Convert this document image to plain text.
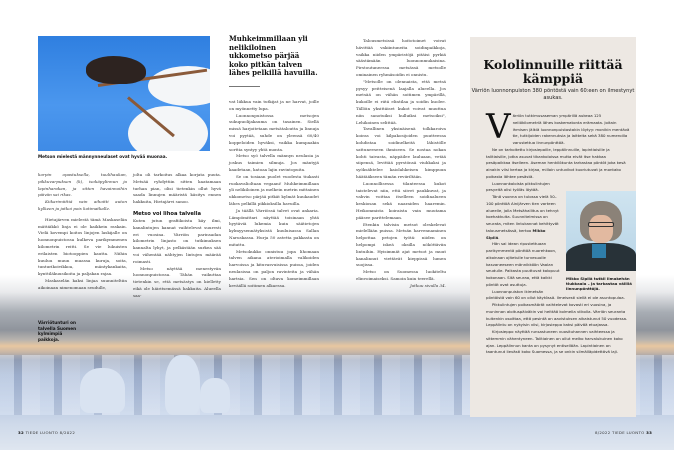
Metson mielestä männynneulaset ovat hyvää muonaa.
Muhkeimmillaan yli nelikiloinen ukkometso pärjää koko pitkän talven lähes pelkillä havuilla.

korpin opastuksella, tuulihaukan, pikkuvarpuksen (k), isokäpylinnun ja lapinharakan, ja sitten havainnoihin päivän sai rikas.

Kiikarimiittiä vain aihoitti auton kylkeen ja jatkoi pois kotimatkalle.

Hietajärven mielestä tämä Maskaselän mättäikkö linja ei ole kaikkein raskain. Vielä kovempi koitos linjojen laskijalle on luonnonpuistossa kulkeva parikymmenen kilometrin reitti. Se vie lukuisten erilaisten biotooppien kautta. Niihin kuuluu muun muassa kurujа, soita, tunturikoivikkoa, mäntykankaita, kynttiläkuusikoita ja paljakan rajaa.

Maskaselän kaksi linjaa suunniteltiin aikoinaan nimenomaan seudulle,

jolta oli tarkoitus alkaa korjata puuta. Metsää ryhdyttiin sitten kaatamaan turhan pian, olisi tietenkin ollut hyvä saada linnujen määristä käsitys ennen hakkuita, Hietajärvi sanoo.

Metso voi lihoa talvella

Kuten jutun grafiikoista käy ilmi, kanalintujen kannat vaihtelevat suuresti eri vuosina. Värriön parinsadan kilometrin linjasto on tutkimuksen kannalta lyhyt, ja pelkästään surkea sää voi vähentää nähtyjen lintujen määrää roimasti.

Metso näyttää menestyvän luonnonpuistossa. Tähän vaikuttaa tietenkin se, että metsästys on kielletty eikä ole häiritsemässä hakkuita. Alueella saa-

vat liikkua vain tutkijat ja ne harvat, joille on myönnetty lupa.

Luonnonpuistossa metsojen sukupuolijakauma on tasainen. Siellä missä harjoitetaan metsätaloutta ja linnuja voi pyytää, suhde on yleensä 60/40 koppeloiden hyväksi, vaikka kumpaakin sorttia syntyy yhtä monta.

Metso syö talvella männyn neulasia ja joskus taimien silmuja. Jos mäntyjä kaadetaan, katoaa lajin ravintopuita.

Se on tosiaan puolet vuodesta tiukasti ruokavalioltaan vegaani! Muhkeimmillaan yli nelikiloinen ja melkein metrin mittainen ukkometso pärjää pitkät kylmät kuukaudet lähes pelkillä pikkioksilla havuilla.

Ja täällä Värriössä talvet ovat ankaria. Lämpömittari näyttää toisinaan yhtä hyytäviä lukemia kuin säätietojen kylmyysennätyksistä kuuluisassa Sallan Naruskassa. Hurja 50 astetta pakkasta on mitattu.

Metsokukko onnistuu jopa lihomaan talven aikana aterioimalla valikoiden harvoissa ja kituvasvuisissa puissa, joiden neulasissa on paljon ravinteita ja vähän hartsia. Sen on oltava komeimmillaan keväällä soitimen alkaessa.

Talousmetsissä hoitotoimet voivat hävittää vakiintuneita soidinpaikkoja, vaikka niiden ympäristöjä pitäisi pyrkiä säästämään luonnonmukaisina. Pirstoutuneessa metsässä metsolle ominainen ryhmäsoidin ei onnistu.

"Metsolle on olennaista, että metsä pysyy peitteisenä laajalla alueella. Jos metsää on vähän soitimen ympärillä, kukoille ei riitä elintilaa ja soidin kuolee. Tällöin yksittäiset kukot voivat muuttua niin sanotuiksi hulluiksi metsoiksi", Lehikoinen selittää.

Tavallinen yksinäisenä tolkkaroiva koiras voi kilpakosijoiden puutteessa kohdistaa soidinelkeitä lähistölle sattuneeseen ihmiseen. Se nostaa nokan kohti taivasta, näppäilee lauluaan, vetää siipensä, levittää pyrstönsä viuhkaksi ja syöksähtelee kaiolahkeisen kimppuun häätääkseen tämän reviiriltään.

Luonnollisessa tilanteessa kukot taistelevat niin, että siivet paukkuvat, ja vahvin voittaa itselleen soidinalueen keskiosan sekä naaraiden haaremin. Heikommista koiraista vain muutama pääsee parittelemaan.

Etenkin talvisin metsot oleskelevat mielellään puissa. Metsän harvennaminen helpottaa petojen työtä: niiden on helpompi iskeä oksilla nököttäviin lintuihin. Hyisimmät ajat metsot ja muut kanalinnut viettävät kieppissä lumen suojissa.

Metso on Suomessa luokiteltu elinvoimaiseksi. Samoin kuin teerellä.

Jatkuu sivulla 34.

Värriötunturi on talvella Suomen kylmimpiä paikkoja.
Kololinnuille riittää kämppiä
Värriön luonnonpuiston 380 pöntöstä vain 60:een on ilmestynyt asukas.

Värriön tutkimusaseman ympärillä aukeaa 125 neliökilometriä lähes koskematonta erämaata. Joitain ihmisen jälkiä luonnonpuistostakin löytyy: monikin mentävä tie, tutkijoiden rakennuksia ja laitteita sekä 380 numeroilla varustettua linnunpönttöä.

Ne on tarkoitettu kirjosiepoille, leppälinnuille, lapintiaisille ja talitiaisille, jotka asuvat tikankoloissa mutta eivät itse hakkaa pesäpaikkaa itselleen. Aseman henkilökunta tarkastaa pöntöt joka kesä ainakin viisi kertaa ja kirjaa, milloin untuvikot kuoriutuvat ja montako poikasta lähtee pesästä.

Mikko Sipilä tutkii ilmakehän tiukkaala – ja tarkastaa välillä linnunpönttöjä.

Luonnonkoloista pikkulintujen pesyeitä olisi työläs löytää.

Tänä vuonna on tulossa vielä 50–100 pönttöä Ainijärven tien varteen alueelle, jolla Metsähallitus on tehnyt koehakkuita. Suunnitelmissa on seurata, miten lintukannat kehittyvät talousmetsässä, kertoo Mikko Sipilä.

Hän sai idean ripustettuaan parikymmentä pönttöä nuorehkoon, aikoinaan ojitetulle turvesuolle kasvaneeseen männikköön Vaalan seudulle. Paikasta puuttuvat kolopuut kokonaan. Sitä seuraa, että kaikki pöntöt ovat asuttuja.

Luonnonpuiston ikimetsän pöntöistä vain 60 on ollut käytössä. Ilmeisesti siellä ei ole asuntopulaa.

Pikkulintujen poikasmäärät vaihtelevat kovasti eri vuosina, ja muninnan aloituspäiväkin voi heittää kolmella viikolla. Värriön seuranta kuitenkin osoittaa, että pesintä on aavistuksen aikaistunut 50 vuodessa. Leppälintu on nykyisin viisi, kirjosieppo kaksi päivää etuajassa.

Kirjosieppo näyttää runsastuneen vuosituhannen vaihteessa ja sittemmin vähentyneen. Talitiainen on ollut melko harvalukuinen koko ajan. Leppälinnun kanta on pysynyt entisellään. Lapintiainen on taantunut lievästi koko Suomessa, ja se onkin silmälläpidettävä laji.

32 TIEDE LUONTO 8/2022	8/2022 TIEDE LUONTO 33
